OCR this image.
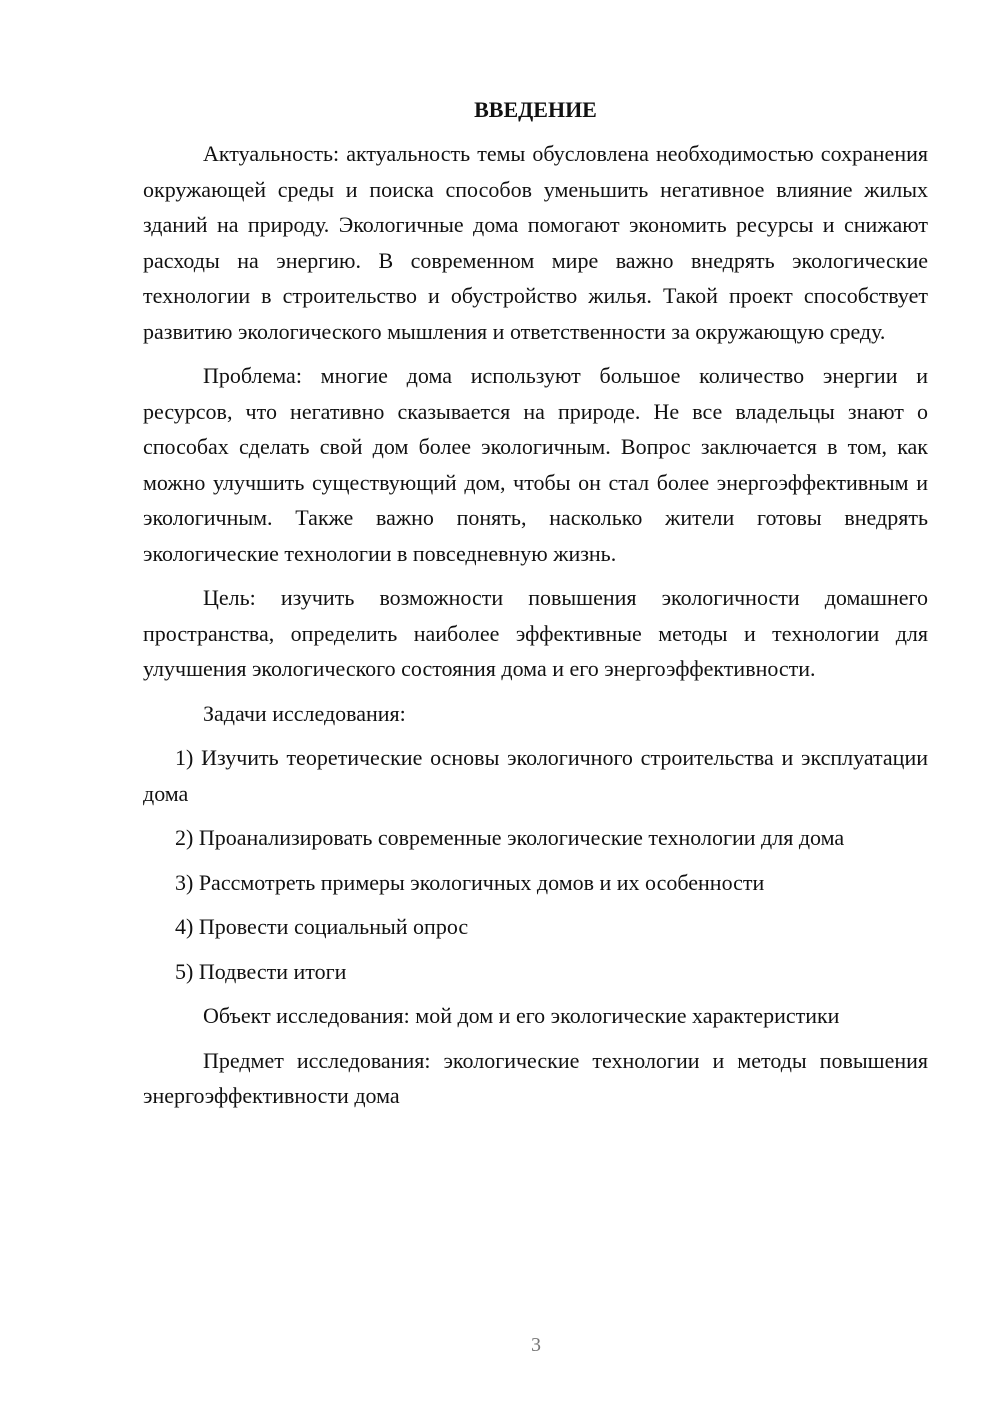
ВВЕДЕНИЕ

Актуальность: актуальность темы обусловлена необходимостью сохранения окружающей среды и поиска способов уменьшить негативное влияние жилых зданий на природу. Экологичные дома помогают экономить ресурсы и снижают расходы на энергию. В современном мире важно внедрять экологические технологии в строительство и обустройство жилья. Такой проект способствует развитию экологического мышления и ответственности за окружающую среду.

Проблема: многие дома используют большое количество энергии и ресурсов, что негативно сказывается на природе. Не все владельцы знают о способах сделать свой дом более экологичным. Вопрос заключается в том, как можно улучшить существующий дом, чтобы он стал более энергоэффективным и экологичным. Также важно понять, насколько жители готовы внедрять экологические технологии в повседневную жизнь.

Цель: изучить возможности повышения экологичности домашнего пространства, определить наиболее эффективные методы и технологии для улучшения экологического состояния дома и его энергоэффективности.

Задачи исследования:

1) Изучить теоретические основы экологичного строительства и эксплуатации дома

2) Проанализировать современные экологические технологии для дома

3) Рассмотреть примеры экологичных домов и их особенности

4) Провести социальный опрос

5) Подвести итоги

Объект исследования: мой дом и его экологические характеристики

Предмет исследования: экологические технологии и методы повышения энергоэффективности дома

3
